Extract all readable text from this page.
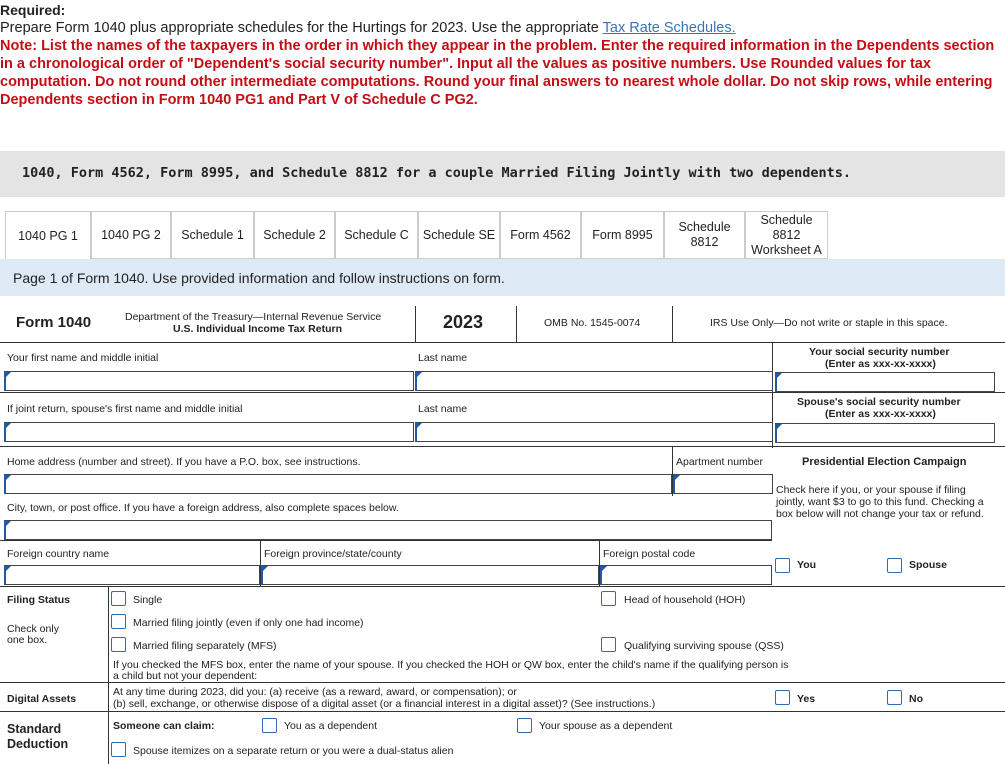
Required:
Prepare Form 1040 plus appropriate schedules for the Hurtings for 2023. Use the appropriate Tax Rate Schedules.
Note: List the names of the taxpayers in the order in which they appear in the problem. Enter the required information in the Dependents section in a chronological order of "Dependent's social security number". Input all the values as positive numbers. Use Rounded values for tax computation. Do not round other intermediate computations. Round your final answers to nearest whole dollar. Do not skip rows, while entering Dependents section in Form 1040 PG1 and Part V of Schedule C PG2.
1040, Form 4562, Form 8995, and Schedule 8812 for a couple Married Filing Jointly with two dependents.
1040 PG 1	1040 PG 2	Schedule 1	Schedule 2	Schedule C	Schedule SE	Form 4562	Form 8995
Schedule 8812
Schedule 8812 Worksheet A
Page 1 of Form 1040. Use provided information and follow instructions on form.
Form 1040	Department of the Treasury—Internal Revenue Service
U.S. Individual Income Tax Return	2023	OMB No. 1545-0074	IRS Use Only—Do not write or staple in this space.
Your first name and middle initial	Last name	Your social security number
(Enter as xxx-xx-xxxx)
If joint return, spouse's first name and middle initial	Last name
Spouse's social security number
(Enter as xxx-xx-xxxx)
Home address (number and street). If you have a P.O. box, see instructions.	Apartment number	Presidential Election Campaign
Check here if you, or your spouse if filing jointly, want $3 to go to this fund. Checking a box below will not change your tax or refund.
City, town, or post office. If you have a foreign address, also complete spaces below.
Foreign country name	Foreign province/state/county	Foreign postal code
You	Spouse
Filing Status
Check only
one box.
Single	Head of household (HOH)
Married filing jointly (even if only one had income)
Married filing separately (MFS)	Qualifying surviving spouse (QSS)
If you checked the MFS box, enter the name of your spouse. If you checked the HOH or QW box, enter the child's name if the qualifying person is
a child but not your dependent:
Digital Assets
At any time during 2023, did you: (a) receive (as a reward, award, or compensation); or
(b) sell, exchange, or otherwise dispose of a digital asset (or a financial interest in a digital asset)? (See instructions.)	Yes	No
Standard
Deduction
Someone can claim:	You as a dependent	Your spouse as a dependent
Spouse itemizes on a separate return or you were a dual-status alien
